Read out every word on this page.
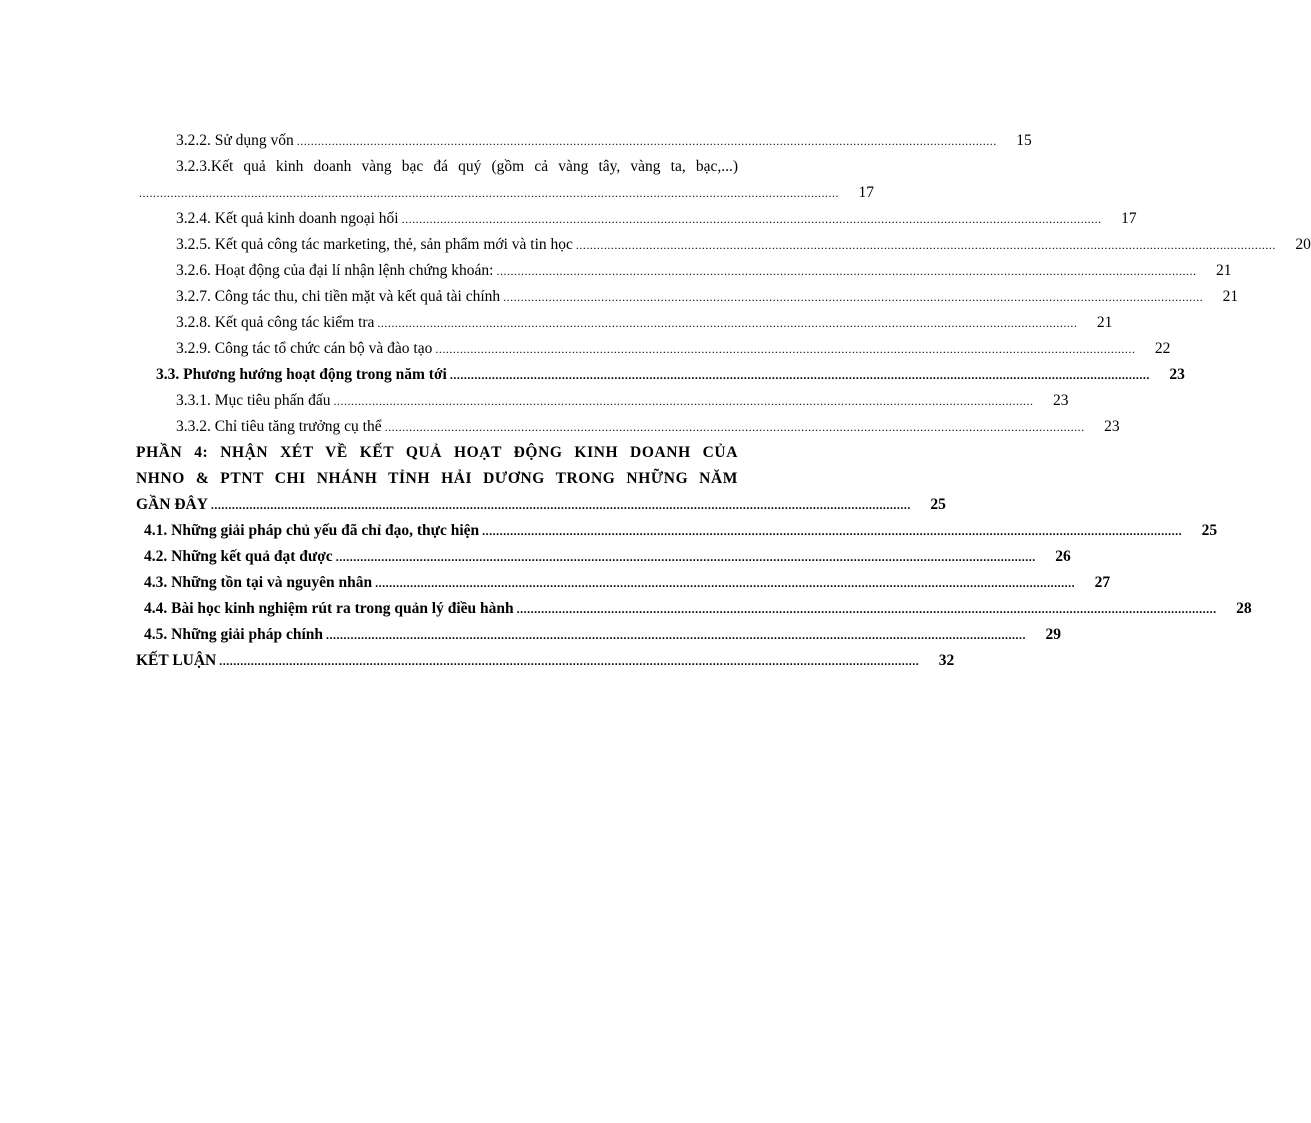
3.2.2. Sử dụng vốn ........................................................................................................................................................................................................	15
3.2.3.Kết quả kinh doanh vàng bạc đá quý (gồm cả vàng tây, vàng ta, bạc,...)
........................................................................................................................................................................................................	17
3.2.4. Kết quả kinh doanh ngoại hối ........................................................................................................................................................................................................	17
3.2.5. Kết quả công tác marketing, thẻ, sản phẩm mới và tin học ........................................................................................................................................................................................................	20
3.2.6. Hoạt động của đại lí nhận lệnh chứng khoán: ........................................................................................................................................................................................................	21
3.2.7. Công tác thu, chi tiền mặt và kết quả tài chính ........................................................................................................................................................................................................	21
3.2.8. Kết quả công tác kiểm tra ........................................................................................................................................................................................................	21
3.2.9. Công tác tổ chức cán bộ và đào tạo ........................................................................................................................................................................................................	22
3.3. Phương hướng hoạt động trong năm tới ........................................................................................................................................................................................................	23
3.3.1. Mục tiêu phấn đấu ........................................................................................................................................................................................................	23
3.3.2. Chỉ tiêu tăng trưởng cụ thể ........................................................................................................................................................................................................	23
PHẦN 4: NHẬN XÉT VỀ KẾT QUẢ HOẠT ĐỘNG KINH DOANH CỦA
NHNO & PTNT CHI NHÁNH TỈNH HẢI DƯƠNG TRONG NHỮNG NĂM
GẦN ĐÂY ........................................................................................................................................................................................................	25
4.1. Những giải pháp chủ yếu đã chỉ đạo, thực hiện ........................................................................................................................................................................................................	25
4.2. Những kết quả đạt được ........................................................................................................................................................................................................	26
4.3. Những tồn tại và nguyên nhân ........................................................................................................................................................................................................	27
4.4. Bài học kinh nghiệm rút ra trong quản lý điều hành ........................................................................................................................................................................................................	28
4.5. Những giải pháp chính ........................................................................................................................................................................................................	29
KẾT LUẬN ........................................................................................................................................................................................................	32
